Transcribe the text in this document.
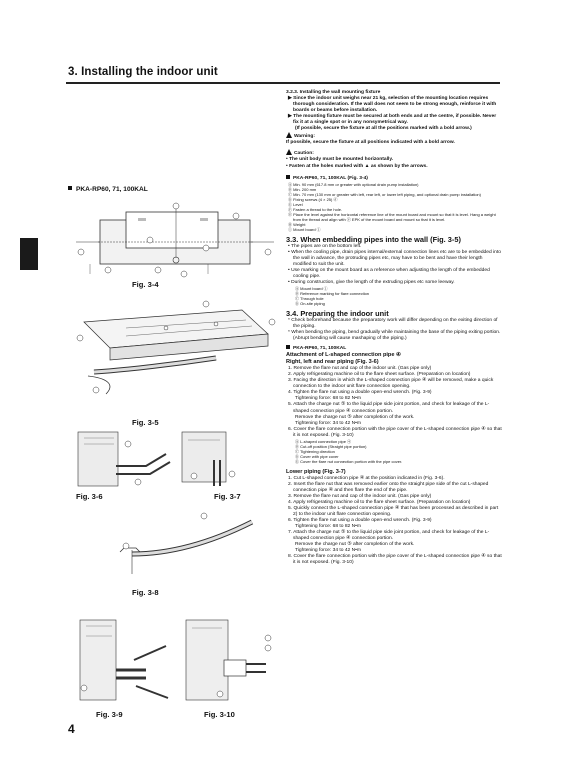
3. Installing the indoor unit
4
PKA-RP60, 71, 100KAL
Fig. 3-4
Fig. 3-5
Fig. 3-6	Fig. 3-7
Fig. 3-8
Fig. 3-9	Fig. 3-10

3.2.3. Installing the wall mounting fixture

▶ Since the indoor unit weighs near 21 kg, selection of the mounting location requires thorough consideration. If the wall does not seem to be strong enough, reinforce it with boards or beams before installation.

▶ The mounting fixture must be secured at both ends and at the centre, if possible. Never fix it at a single spot or in any nonsymetrical way.

(If possible, secure the fixture at all the positions marked with a bold arrow.)

Warning:

If possible, secure the fixture at all positions indicated with a bold arrow.

Caution:

• The unit body must be mounted horizontally.

• Fasten at the holes marked with ▲ as shown by the arrows.

PKA-RP60, 71, 100KAL (Fig. 3-4)

Ⓐ Min. 90 mm (617.8 mm or greater with optional drain pump installation)

Ⓑ Min. 200 mm

Ⓒ Min. 70 mm (130 mm or greater with left, rear left, or lower left piping, and optional drain pump installation)

Ⓓ Fixing screws (4 × 25) ⓓ

Ⓔ Level

Ⓕ Fasten a thread to the hole.

Ⓖ Place the level against the horizontal reference line of the mount board and mount so that it is level. Hang a weight from the thread and align with ⓔ EPK of the mount board and mount so that it is level.

Ⓗ Weight

Ⓘ Mount board ①

3.3. When embedding pipes into the wall (Fig. 3-5)

• The pipes are on the bottom left.

• When the cooling pipe, drain pipes internal/external connection lines etc are to be embedded into the wall in advance, the protruding pipes etc, may have to be bent and have their length modified to suit the unit.

• Use marking on the mount board as a reference when adjusting the length of the embedded cooling pipe.

• During construction, give the length of the extruding pipes etc some leeway.

Ⓐ Mount board ①

Ⓑ Reference marking for flare connection

Ⓒ Through hole

Ⓓ On-site piping

3.4. Preparing the indoor unit

* Check beforehand because the preparatory work will differ depending on the exiting direction of the piping.

* When bending the piping, bend gradually while maintaining the base of the piping exiting portion. (Abrupt bending will cause mashaping of the piping.)

PKA-RP60, 71, 100KAL

Attachment of L-shaped connection pipe ④

Right, left and rear piping (Fig. 3-6)

1. Remove the flare nut and cap of the indoor unit. (Gas pipe only)

2. Apply refrigerating machine oil to the flare sheet surface. (Preparation on location)

3. Facing the direction in which the L-shaped connection pipe ④ will be removed, make a quick connection to the indoor unit flare connection opening.

4. Tighten the flare nut using a double open-end wrench. (Fig. 3-9)

Tightening force: 68 to 82 N•m

5. Attach the charge nut ⑤ to the liquid pipe side joint portion, and check for leakage of the L-shaped connection pipe ④ connection portion.

Remove the charge nut ⑤ after completion of the work.

Tightening force: 34 to 42 N•m

6. Cover the flare connection portion with the pipe cover of the L-shaped connection pipe ④ so that it is not exposed. (Fig. 3-10)

Ⓐ L-shaped connection pipe ④

Ⓑ Cut-off position (Straight pipe portion)

Ⓒ Tightening direction

Ⓓ Cover with pipe cover

Ⓔ Cover the flare nut connection portion with the pipe cover.

Lower piping (Fig. 3-7)

1. Cut L-shaped connection pipe ④ at the position indicated in (Fig. 3-6).

2. Insert the flare nut that was removed earlier onto the straight pipe side of the cut L-shaped connection pipe ④ and then flare the end of the pipe.

3. Remove the flare nut and cap of the indoor unit. (Gas pipe only)

4. Apply refrigerating machine oil to the flare sheet surface. (Preparation on location)

5. Quickly connect the L-shaped connection pipe ④ that has been processed as described in part 2) to the indoor unit flare connection opening.

6. Tighten the flare nut using a double open-end wrench. (Fig. 3-9)

Tightening force: 68 to 82 N•m

7. Attach the charge nut ⑤ to the liquid pipe side joint portion, and check for leakage of the L-shaped connection pipe ④ connection portion.

Remove the charge nut ⑤ after completion of the work.

Tightening force: 34 to 42 N•m

8. Cover the flare connection portion with the pipe cover of the L-shaped connection pipe ④ so that it is not exposed. (Fig. 3-10)
